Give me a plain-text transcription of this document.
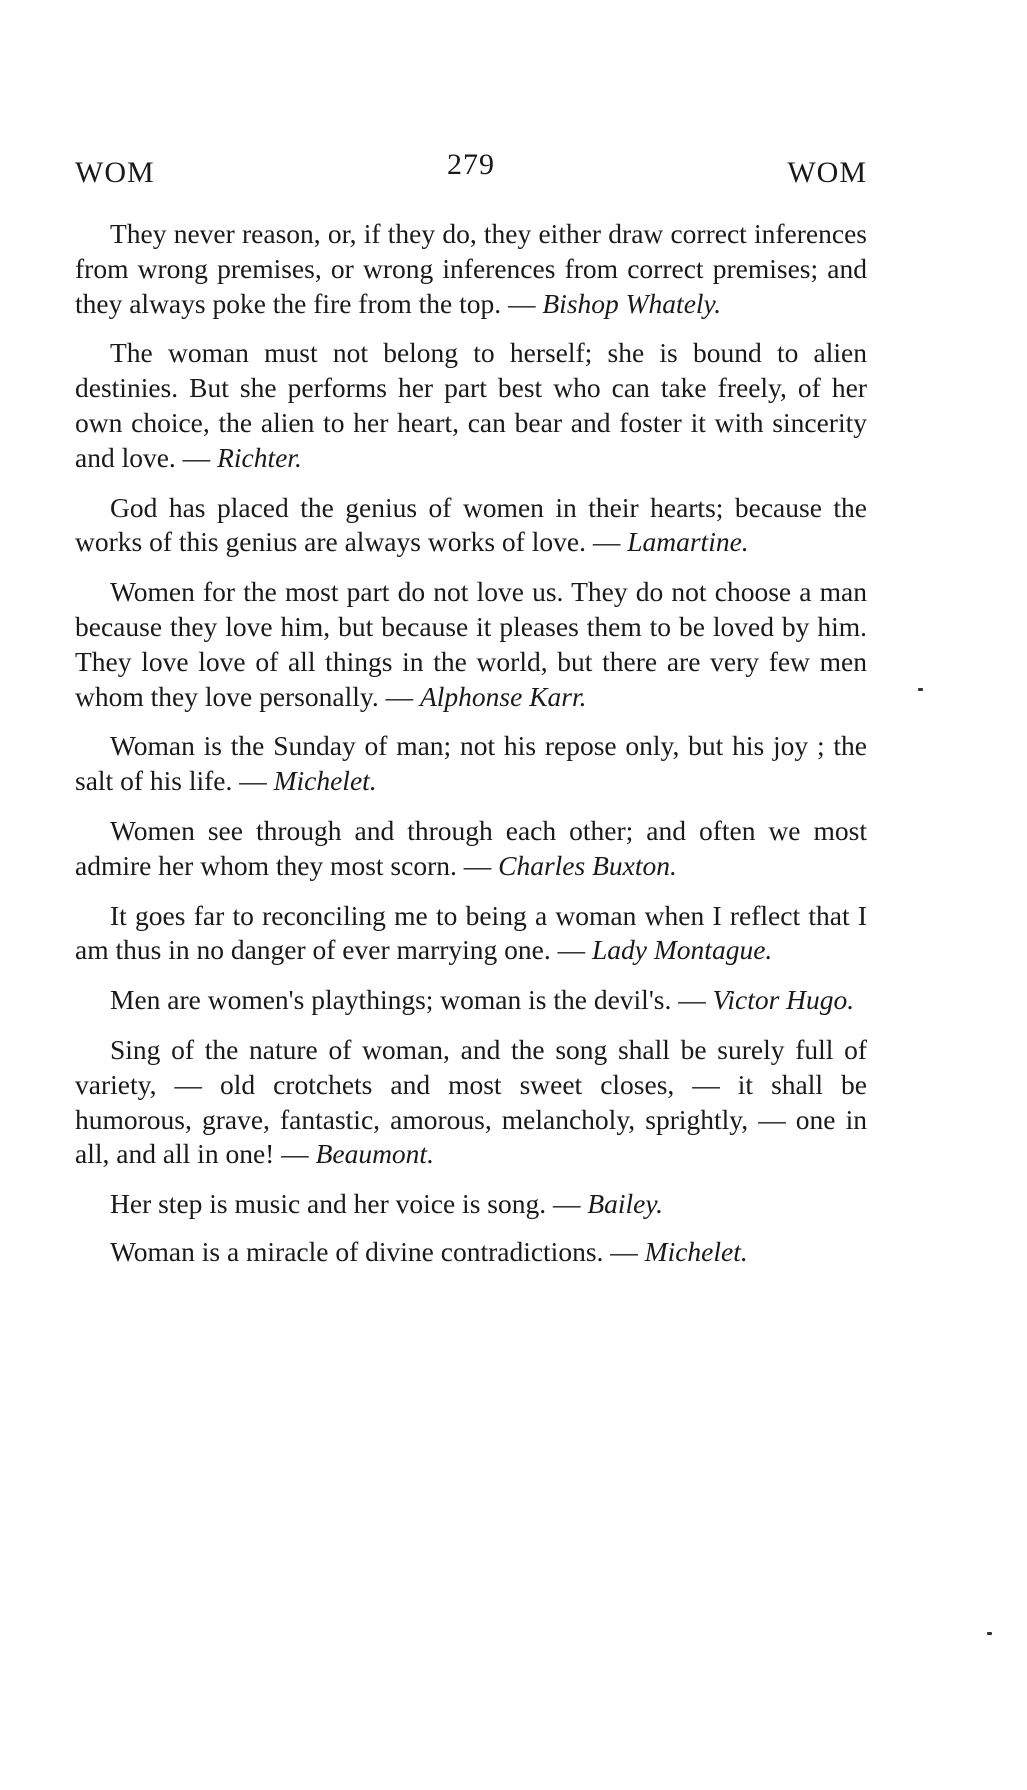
WOM	279	WOM

They never reason, or, if they do, they either draw correct inferences from wrong premises, or wrong inferences from correct premises; and they always poke the fire from the top. — Bishop Whately.

The woman must not belong to herself; she is bound to alien destinies. But she performs her part best who can take freely, of her own choice, the alien to her heart, can bear and foster it with sincerity and love. — Richter.

God has placed the genius of women in their hearts; because the works of this genius are always works of love. — Lamartine.

Women for the most part do not love us. They do not choose a man because they love him, but because it pleases them to be loved by him. They love love of all things in the world, but there are very few men whom they love personally. — Alphonse Karr.

Woman is the Sunday of man; not his repose only, but his joy ; the salt of his life. — Michelet.

Women see through and through each other; and often we most admire her whom they most scorn. — Charles Buxton.

It goes far to reconciling me to being a woman when I reflect that I am thus in no danger of ever marrying one. — Lady Montague.

Men are women's playthings; woman is the devil's. — Victor Hugo.

Sing of the nature of woman, and the song shall be surely full of variety, — old crotchets and most sweet closes, — it shall be humorous, grave, fantastic, amorous, melancholy, sprightly, — one in all, and all in one! — Beaumont.

Her step is music and her voice is song. — Bailey.

Woman is a miracle of divine contradictions. — Michelet.
